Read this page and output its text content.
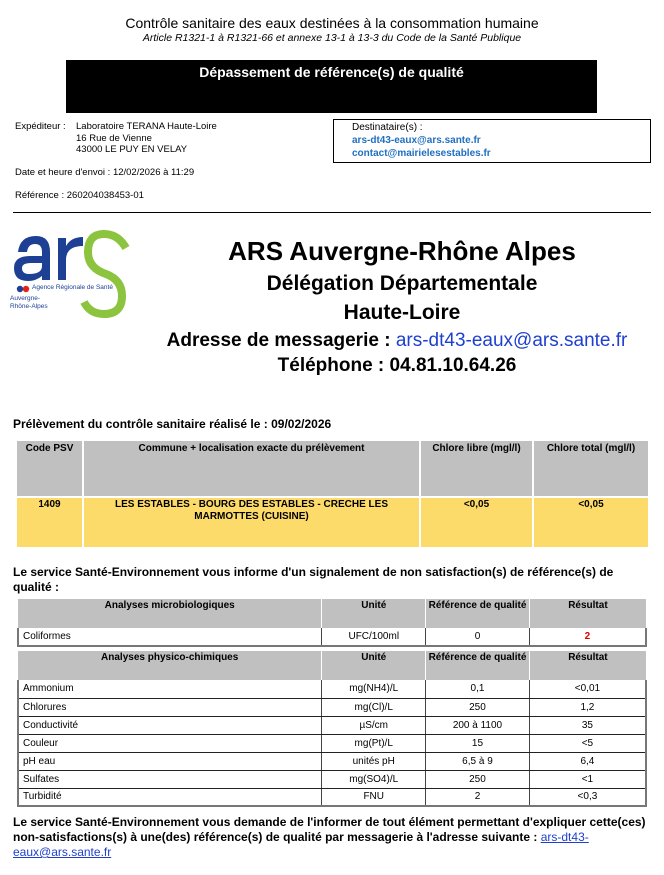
Contrôle sanitaire des eaux destinées à la consommation humaine
Article R1321-1 à R1321-66 et annexe 13-1 à 13-3 du Code de la Santé Publique
Dépassement de référence(s) de qualité
Expéditeur :	Laboratoire TERANA Haute-Loire
16 Rue de Vienne
43000 LE PUY EN VELAY
Date et heure d'envoi : 12/02/2026 à 11:29
Référence : 260204038453-01
Destinataire(s) :
ars-dt43-eaux@ars.sante.fr
contact@mairielesestables.fr
Agence Régionale de Santé
Auvergne-
Rhône-Alpes
ARS Auvergne-Rhône Alpes
Délégation Départementale
Haute-Loire
Adresse de messagerie : ars-dt43-eaux@ars.sante.fr
Téléphone : 04.81.10.64.26
Prélèvement du contrôle sanitaire réalisé le : 09/02/2026
Code PSV	Commune + localisation exacte du prélèvement	Chlore libre (mgl/l)	Chlore total (mgl/l)
1409	LES ESTABLES - BOURG DES ESTABLES - CRECHE LES MARMOTTES (CUISINE)	<0,05	<0,05
Le service Santé-Environnement vous informe d'un signalement de non satisfaction(s) de référence(s) de qualité :
Analyses microbiologiques	Unité	Référence de qualité	Résultat
Coliformes	UFC/100ml	0	2
Analyses physico-chimiques	Unité	Référence de qualité	Résultat
Ammonium	mg(NH4)/L	0,1	<0,01
Chlorures	mg(Cl)/L	250	1,2
Conductivité	µS/cm	200 à 1100	35
Couleur	mg(Pt)/L	15	<5
pH eau	unités pH	6,5 à 9	6,4
Sulfates	mg(SO4)/L	250	<1
Turbidité	FNU	2	<0,3
Le service Santé-Environnement vous demande de l'informer de tout élément permettant d'expliquer cette(ces) non-satisfactions(s) à une(des) référence(s) de qualité par messagerie à l'adresse suivante : ars-dt43-eaux@ars.sante.fr
